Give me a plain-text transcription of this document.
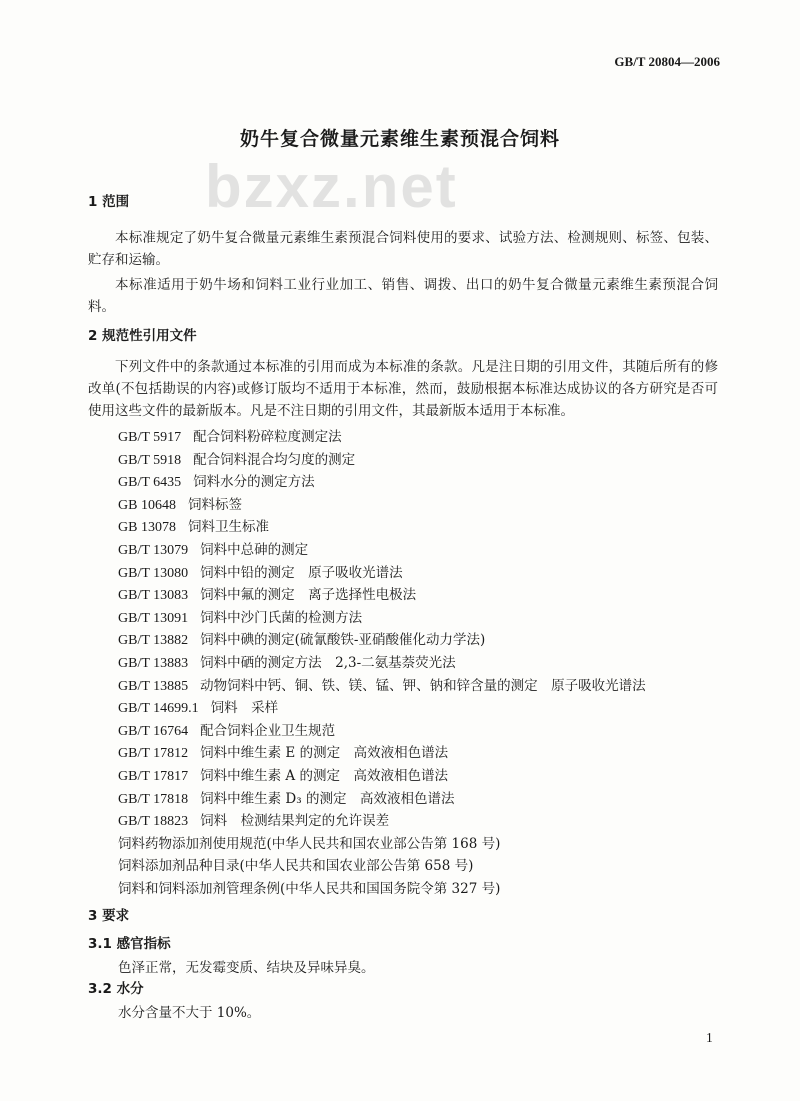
bzxz.net
GB/T 20804—2006
奶牛复合微量元素维生素预混合饲料
1 范围
本标准规定了奶牛复合微量元素维生素预混合饲料使用的要求、试验方法、检测规则、标签、包装、贮存和运输。
本标准适用于奶牛场和饲料工业行业加工、销售、调拨、出口的奶牛复合微量元素维生素预混合饲料。
2 规范性引用文件
下列文件中的条款通过本标准的引用而成为本标准的条款。凡是注日期的引用文件，其随后所有的修改单(不包括勘误的内容)或修订版均不适用于本标准，然而，鼓励根据本标准达成协议的各方研究是否可使用这些文件的最新版本。凡是不注日期的引用文件，其最新版本适用于本标准。
GB/T 5917 配合饲料粉碎粒度测定法
GB/T 5918 配合饲料混合均匀度的测定
GB/T 6435 饲料水分的测定方法
GB 10648 饲料标签
GB 13078 饲料卫生标准
GB/T 13079 饲料中总砷的测定
GB/T 13080 饲料中铅的测定　原子吸收光谱法
GB/T 13083 饲料中氟的测定　离子选择性电极法
GB/T 13091 饲料中沙门氏菌的检测方法
GB/T 13882 饲料中碘的测定(硫氰酸铁-亚硝酸催化动力学法)
GB/T 13883 饲料中硒的测定方法　2,3-二氨基萘荧光法
GB/T 13885 动物饲料中钙、铜、铁、镁、锰、钾、钠和锌含量的测定　原子吸收光谱法
GB/T 14699.1 饲料　采样
GB/T 16764 配合饲料企业卫生规范
GB/T 17812 饲料中维生素 E 的测定　高效液相色谱法
GB/T 17817 饲料中维生素 A 的测定　高效液相色谱法
GB/T 17818 饲料中维生素 D₃ 的测定　高效液相色谱法
GB/T 18823 饲料　检测结果判定的允许误差
饲料药物添加剂使用规范(中华人民共和国农业部公告第 168 号)
饲料添加剂品种目录(中华人民共和国农业部公告第 658 号)
饲料和饲料添加剂管理条例(中华人民共和国国务院令第 327 号)
3 要求
3.1 感官指标
色泽正常，无发霉变质、结块及异味异臭。
3.2 水分
水分含量不大于 10%。
1
